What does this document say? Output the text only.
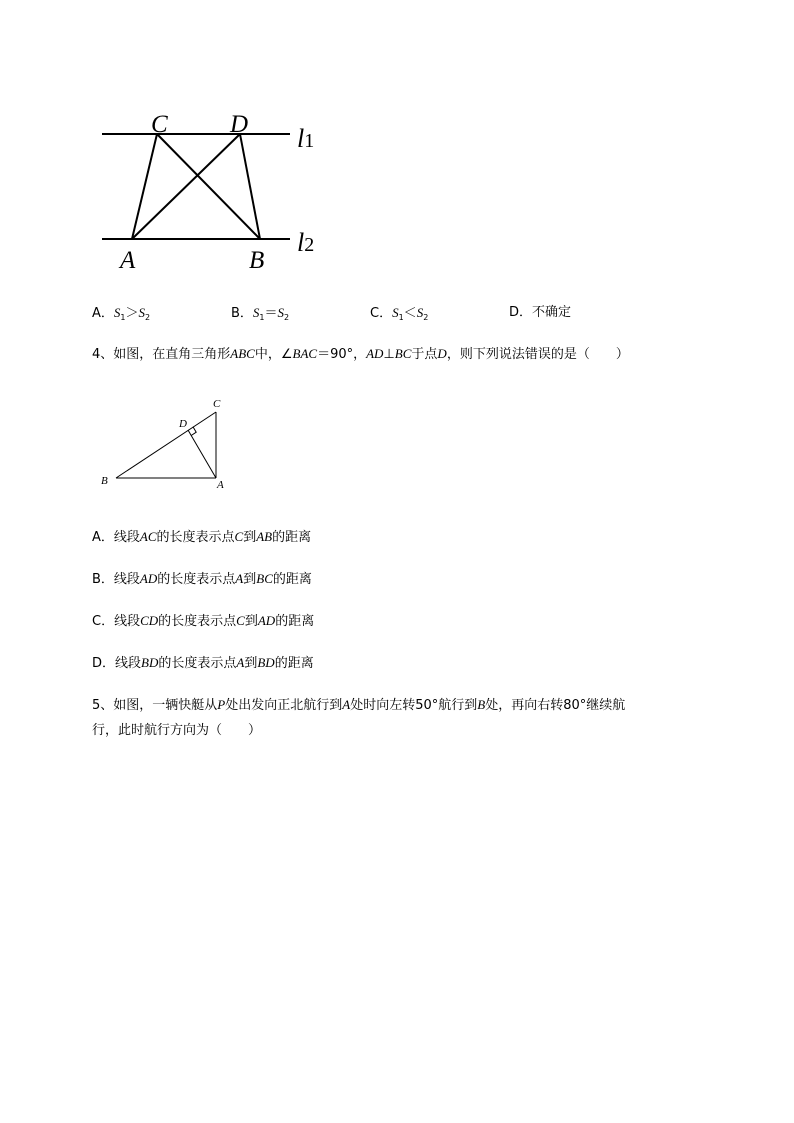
C D
A	B
l1
l2
A．$S_1>S_2$	B．$S_1=S_2$	C．$S_1<S_2$	D．不确定
4、如图，在直角三角形ABC中，∠BAC＝90°，AD⊥BC于点D，则下列说法错误的是（　　）
C
D
B	A
A．线段AC的长度表示点C到AB的距离
B．线段AD的长度表示点A到BC的距离
C．线段CD的长度表示点C到AD的距离
D．线段BD的长度表示点A到BD的距离
5、如图，一辆快艇从P处出发向正北航行到A处时向左转50°航行到B处，再向右转80°继续航
行，此时航行方向为（　　）
